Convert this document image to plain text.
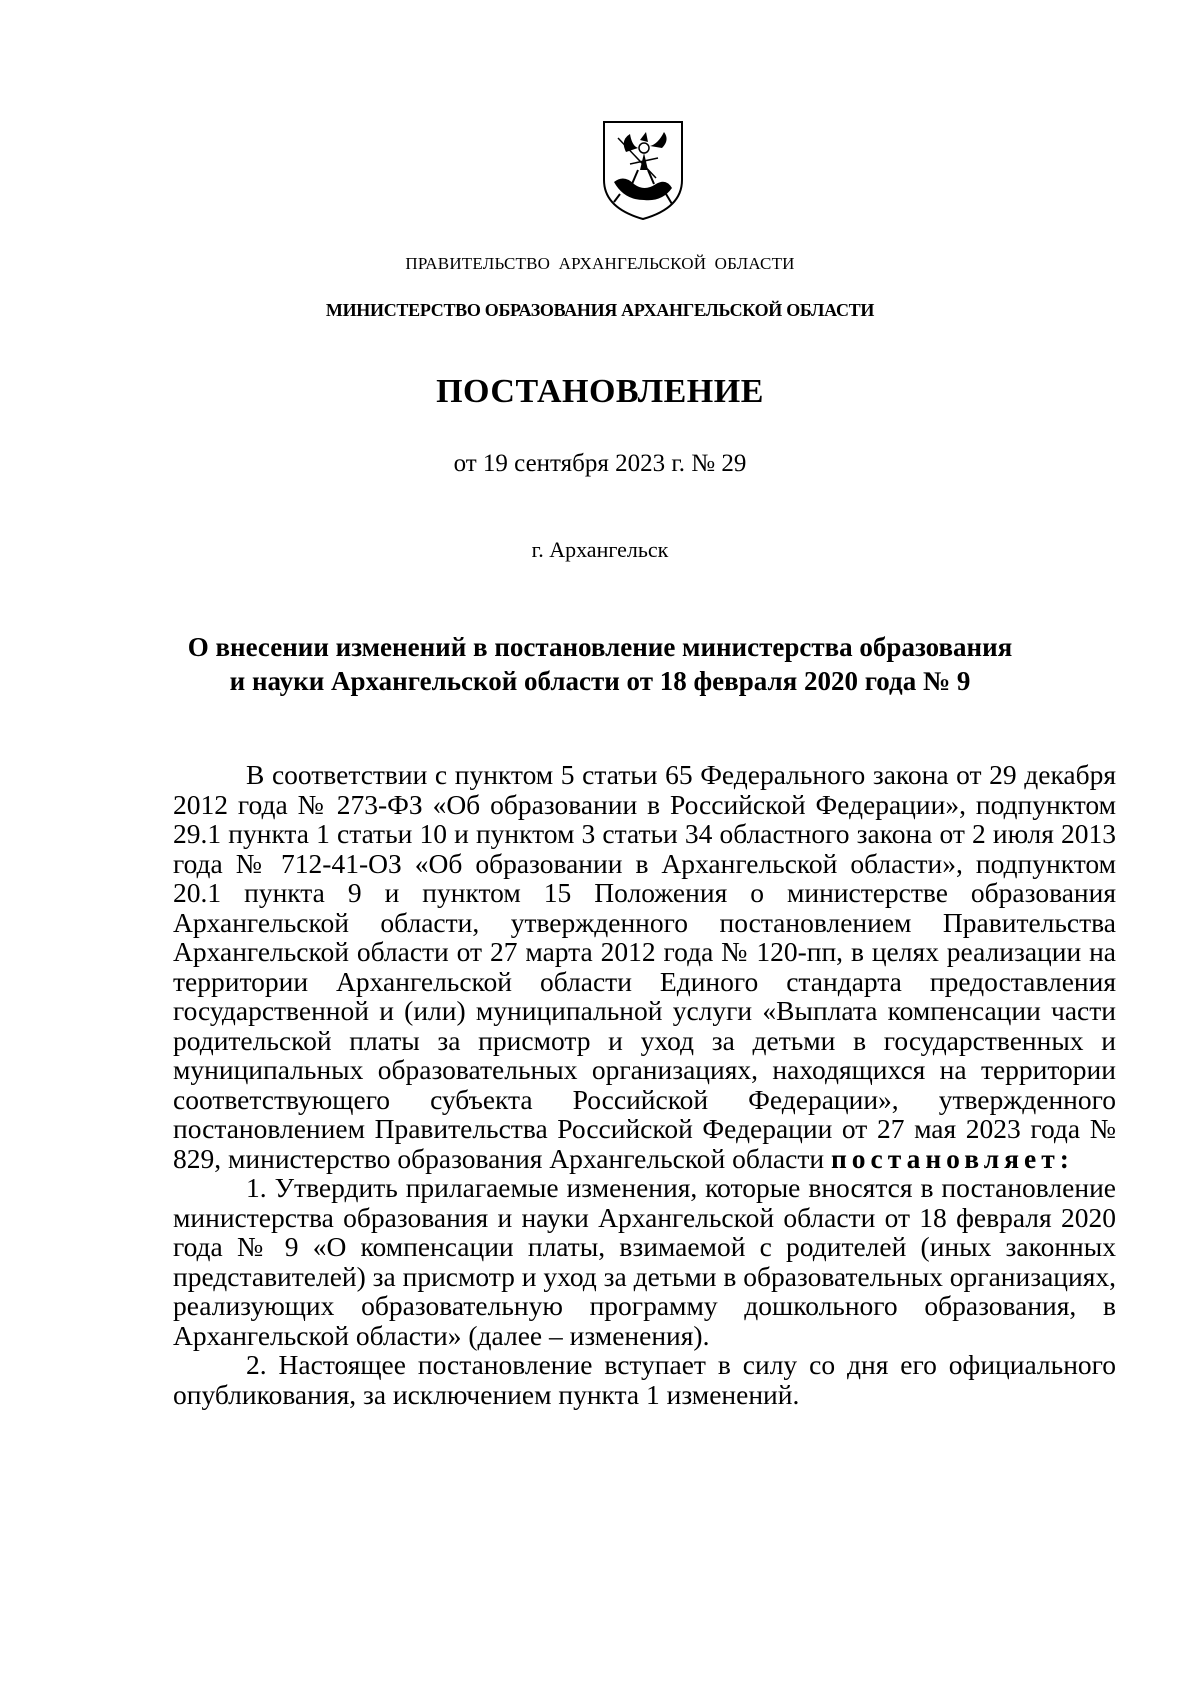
ПРАВИТЕЛЬСТВО АРХАНГЕЛЬСКОЙ ОБЛАСТИ
МИНИСТЕРСТВО ОБРАЗОВАНИЯ АРХАНГЕЛЬСКОЙ ОБЛАСТИ
ПОСТАНОВЛЕНИЕ
от 19 сентября 2023 г. № 29
г. Архангельск
О внесении изменений в постановление министерства образования
и науки Архангельской области от 18 февраля 2020 года № 9

В соответствии с пунктом 5 статьи 65 Федерального закона от 29 декабря 2012 года № 273-ФЗ «Об образовании в Российской Федерации», подпунктом 29.1 пункта 1 статьи 10 и пунктом 3 статьи 34 областного закона от 2 июля 2013 года № 712-41-ОЗ «Об образовании в Архангельской области», подпунктом 20.1 пункта 9 и пунктом 15 Положения о министерстве образования Архангельской области, утвержденного постановлением Правительства Архангельской области от 27 марта 2012 года № 120-пп, в целях реализации на территории Архангельской области Единого стандарта предоставления государственной и (или) муниципальной услуги «Выплата компенсации части родительской платы за присмотр и уход за детьми в государственных и муниципальных образовательных организациях, находящихся на территории соответствующего субъекта Российской Федерации», утвержденного постановлением Правительства Российской Федерации от 27 мая 2023 года № 829, министерство образования Архангельской области постановляет:

1. Утвердить прилагаемые изменения, которые вносятся в постановление министерства образования и науки Архангельской области от 18 февраля 2020 года № 9 «О компенсации платы, взимаемой с родителей (иных законных представителей) за присмотр и уход за детьми в образовательных организациях, реализующих образовательную программу дошкольного образования, в Архангельской области» (далее – изменения).

2. Настоящее постановление вступает в силу со дня его официального опубликования, за исключением пункта 1 изменений.
